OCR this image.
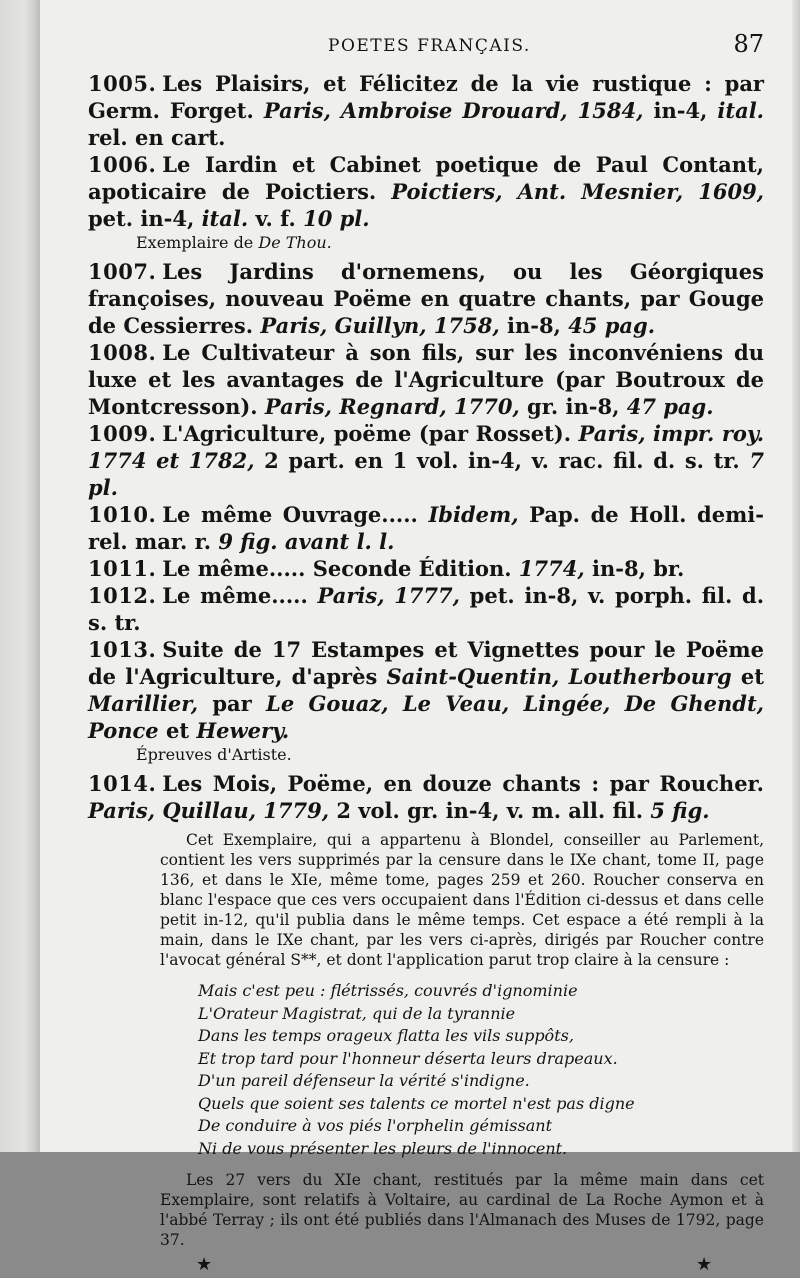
POETES FRANÇAIS.	87

1005. Les Plaisirs, et Félicitez de la vie rustique : par Germ. Forget. Paris, Ambroise Drouard, 1584, in-4, ital. rel. en cart.

1006. Le Iardin et Cabinet poetique de Paul Contant, apoticaire de Poictiers. Poictiers, Ant. Mesnier, 1609, pet. in-4, ital. v. f. 10 pl.

Exemplaire de De Thou.

1007. Les Jardins d'ornemens, ou les Géorgiques françoises, nouveau Poëme en quatre chants, par Gouge de Cessierres. Paris, Guillyn, 1758, in-8, 45 pag.

1008. Le Cultivateur à son fils, sur les inconvéniens du luxe et les avantages de l'Agriculture (par Boutroux de Montcresson). Paris, Regnard, 1770, gr. in-8, 47 pag.

1009. L'Agriculture, poëme (par Rosset). Paris, impr. roy. 1774 et 1782, 2 part. en 1 vol. in-4, v. rac. fil. d. s. tr. 7 pl.

1010. Le même Ouvrage..... Ibidem, Pap. de Holl. demi-rel. mar. r. 9 fig. avant l. l.

1011. Le même..... Seconde Édition. 1774, in-8, br.

1012. Le même..... Paris, 1777, pet. in-8, v. porph. fil. d. s. tr.

1013. Suite de 17 Estampes et Vignettes pour le Poëme de l'Agriculture, d'après Saint-Quentin, Loutherbourg et Marillier, par Le Gouaz, Le Veau, Lingée, De Ghendt, Ponce et Hewery.

Épreuves d'Artiste.

1014. Les Mois, Poëme, en douze chants : par Roucher. Paris, Quillau, 1779, 2 vol. gr. in-4, v. m. all. fil. 5 fig.

Cet Exemplaire, qui a appartenu à Blondel, conseiller au Parlement, contient les vers supprimés par la censure dans le IXe chant, tome II, page 136, et dans le XIe, même tome, pages 259 et 260. Roucher conserva en blanc l'espace que ces vers occupaient dans l'Édition ci-dessus et dans celle petit in-12, qu'il publia dans le même temps. Cet espace a été rempli à la main, dans le IXe chant, par les vers ci-après, dirigés par Roucher contre l'avocat général S**, et dont l'application parut trop claire à la censure :

Mais c'est peu : flétrissés, couvrés d'ignominie
L'Orateur Magistrat, qui de la tyrannie
Dans les temps orageux flatta les vils suppôts,
Et trop tard pour l'honneur déserta leurs drapeaux.
D'un pareil défenseur la vérité s'indigne.
Quels que soient ses talents ce mortel n'est pas digne
De conduire à vos piés l'orphelin gémissant
Ni de vous présenter les pleurs de l'innocent.

Les 27 vers du XIe chant, restitués par la même main dans cet Exemplaire, sont relatifs à Voltaire, au cardinal de La Roche Aymon et à l'abbé Terray ; ils ont été publiés dans l'Almanach des Muses de 1792, page 37.

★	★
